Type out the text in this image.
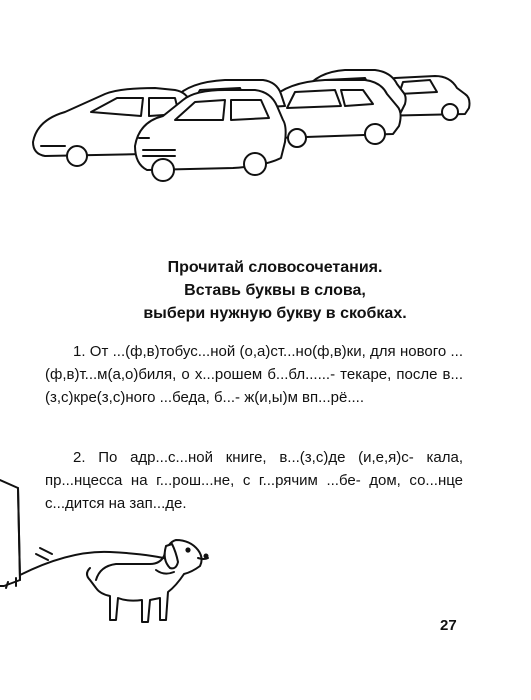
Прочитай словосочетания.
Вставь буквы в слова,
выбери нужную букву в скобках.
1. От ...(ф,в)тобус...ной (о,а)ст...но(ф,в)ки, для нового ...(ф,в)т...м(а,о)биля, о х...рошем б...бл......- текаре, после в...(з,с)кре(з,с)ного ...беда, б...- ж(и,ы)м вп...рё....
2. По адр...с...ной книге, в...(з,с)де (и,е,я)с- кала, пр...нцесса на г...рош...не, с г...рячим ...бе- дом, со...нце с...дится на зап...де.
27
